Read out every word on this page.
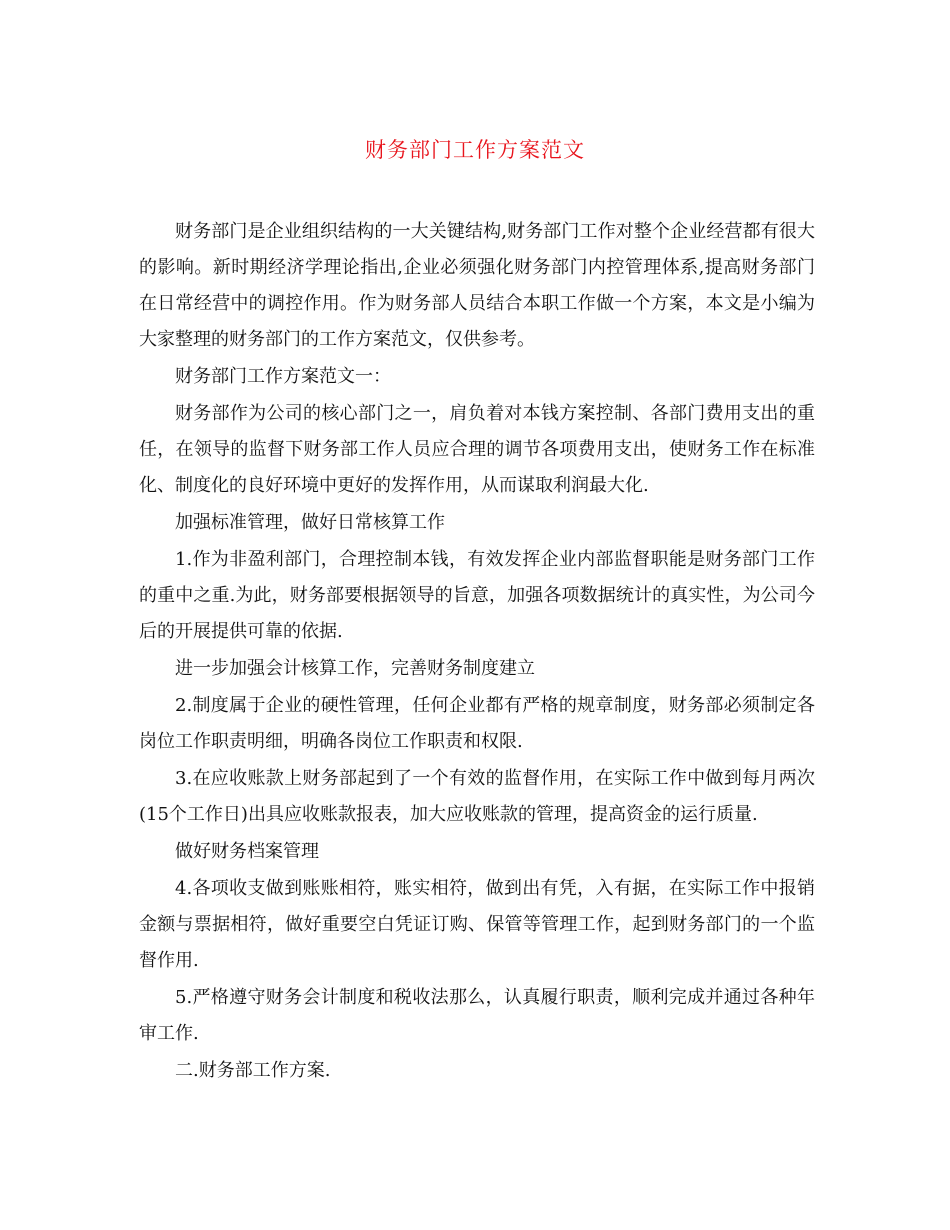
财务部门工作方案范文

财务部门是企业组织结构的一大关键结构,财务部门工作对整个企业经营都有很大的影响。新时期经济学理论指出,企业必须强化财务部门内控管理体系,提高财务部门在日常经营中的调控作用。作为财务部人员结合本职工作做一个方案，本文是小编为大家整理的财务部门的工作方案范文，仅供参考。

财务部门工作方案范文一：

财务部作为公司的核心部门之一，肩负着对本钱方案控制、各部门费用支出的重任，在领导的监督下财务部工作人员应合理的调节各项费用支出，使财务工作在标准化、制度化的良好环境中更好的发挥作用，从而谋取利润最大化.

加强标准管理，做好日常核算工作

1.作为非盈利部门，合理控制本钱，有效发挥企业内部监督职能是财务部门工作的重中之重.为此，财务部要根据领导的旨意，加强各项数据统计的真实性，为公司今后的开展提供可靠的依据.

进一步加强会计核算工作，完善财务制度建立

2.制度属于企业的硬性管理，任何企业都有严格的规章制度，财务部必须制定各岗位工作职责明细，明确各岗位工作职责和权限.

3.在应收账款上财务部起到了一个有效的监督作用，在实际工作中做到每月两次(15个工作日)出具应收账款报表，加大应收账款的管理，提高资金的运行质量.

做好财务档案管理

4.各项收支做到账账相符，账实相符，做到出有凭，入有据，在实际工作中报销金额与票据相符，做好重要空白凭证订购、保管等管理工作，起到财务部门的一个监督作用.

5.严格遵守财务会计制度和税收法那么，认真履行职责，顺利完成并通过各种年审工作.

二.财务部工作方案.
